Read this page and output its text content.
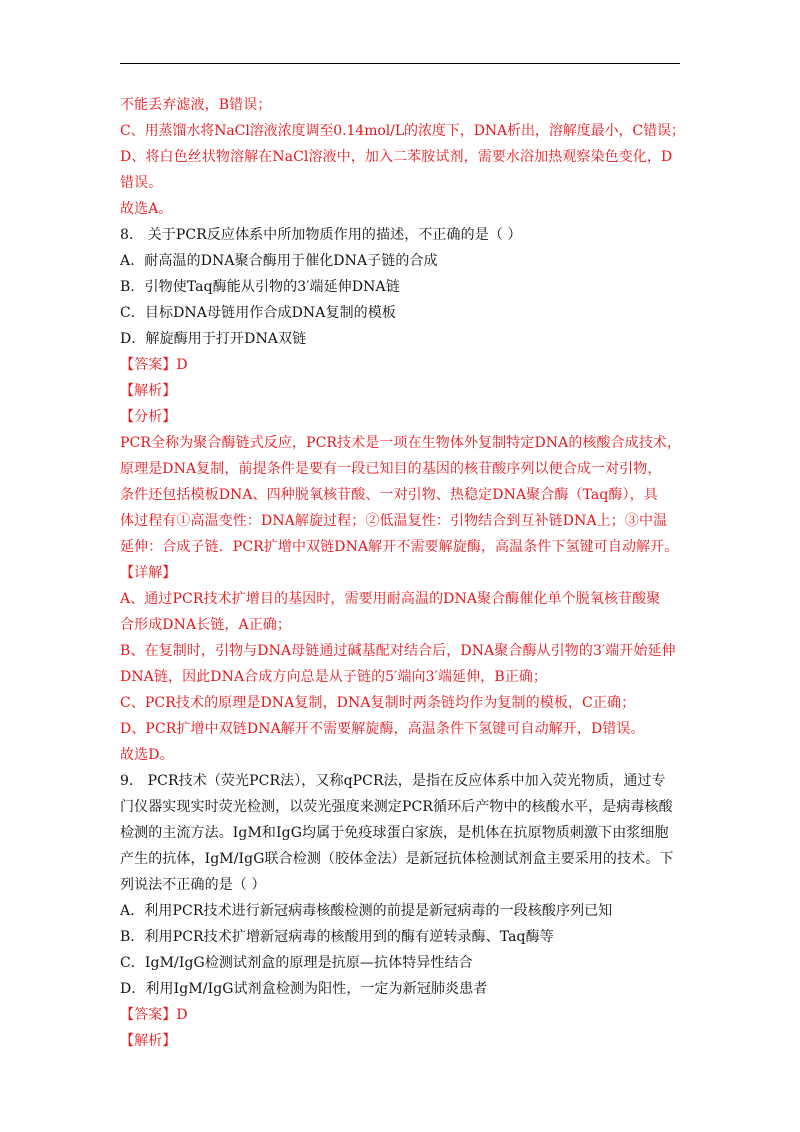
不能丢弃滤液，B错误；
C、用蒸馏水将NaCl溶液浓度调至0.14mol/L的浓度下，DNA析出，溶解度最小，C错误；
D、将白色丝状物溶解在NaCl溶液中，加入二苯胺试剂，需要水浴加热观察染色变化，D
错误。
故选A。
8． 关于PCR反应体系中所加物质作用的描述，不正确的是（ ）
A．耐高温的DNA聚合酶用于催化DNA子链的合成
B．引物使Taq酶能从引物的3′端延伸DNA链
C．目标DNA母链用作合成DNA复制的模板
D．解旋酶用于打开DNA双链
【答案】D
【解析】
【分析】
PCR全称为聚合酶链式反应，PCR技术是一项在生物体外复制特定DNA的核酸合成技术，
原理是DNA复制，前提条件是要有一段已知目的基因的核苷酸序列以便合成一对引物，
条件还包括模板DNA、四种脱氧核苷酸、一对引物、热稳定DNA聚合酶（Taq酶），具
体过程有①高温变性：DNA解旋过程；②低温复性：引物结合到互补链DNA上；③中温
延伸：合成子链．PCR扩增中双链DNA解开不需要解旋酶，高温条件下氢键可自动解开。
【详解】
A、通过PCR技术扩增目的基因时，需要用耐高温的DNA聚合酶催化单个脱氧核苷酸聚
合形成DNA长链，A正确；
B、在复制时，引物与DNA母链通过碱基配对结合后，DNA聚合酶从引物的3′端开始延伸
DNA链，因此DNA合成方向总是从子链的5′端向3′端延伸，B正确；
C、PCR技术的原理是DNA复制，DNA复制时两条链均作为复制的模板，C正确；
D、PCR扩增中双链DNA解开不需要解旋酶，高温条件下氢键可自动解开，D错误。
故选D。
9． PCR技术（荧光PCR法），又称qPCR法，是指在反应体系中加入荧光物质，通过专
门仪器实现实时荧光检测，以荧光强度来测定PCR循环后产物中的核酸水平，是病毒核酸
检测的主流方法。IgM和IgG均属于免疫球蛋白家族，是机体在抗原物质刺激下由浆细胞
产生的抗体，IgM/IgG联合检测（胶体金法）是新冠抗体检测试剂盒主要采用的技术。下
列说法不正确的是（ ）
A．利用PCR技术进行新冠病毒核酸检测的前提是新冠病毒的一段核酸序列已知
B．利用PCR技术扩增新冠病毒的核酸用到的酶有逆转录酶、Taq酶等
C．IgM/IgG检测试剂盒的原理是抗原—抗体特异性结合
D．利用IgM/IgG试剂盒检测为阳性，一定为新冠肺炎患者
【答案】D
【解析】
